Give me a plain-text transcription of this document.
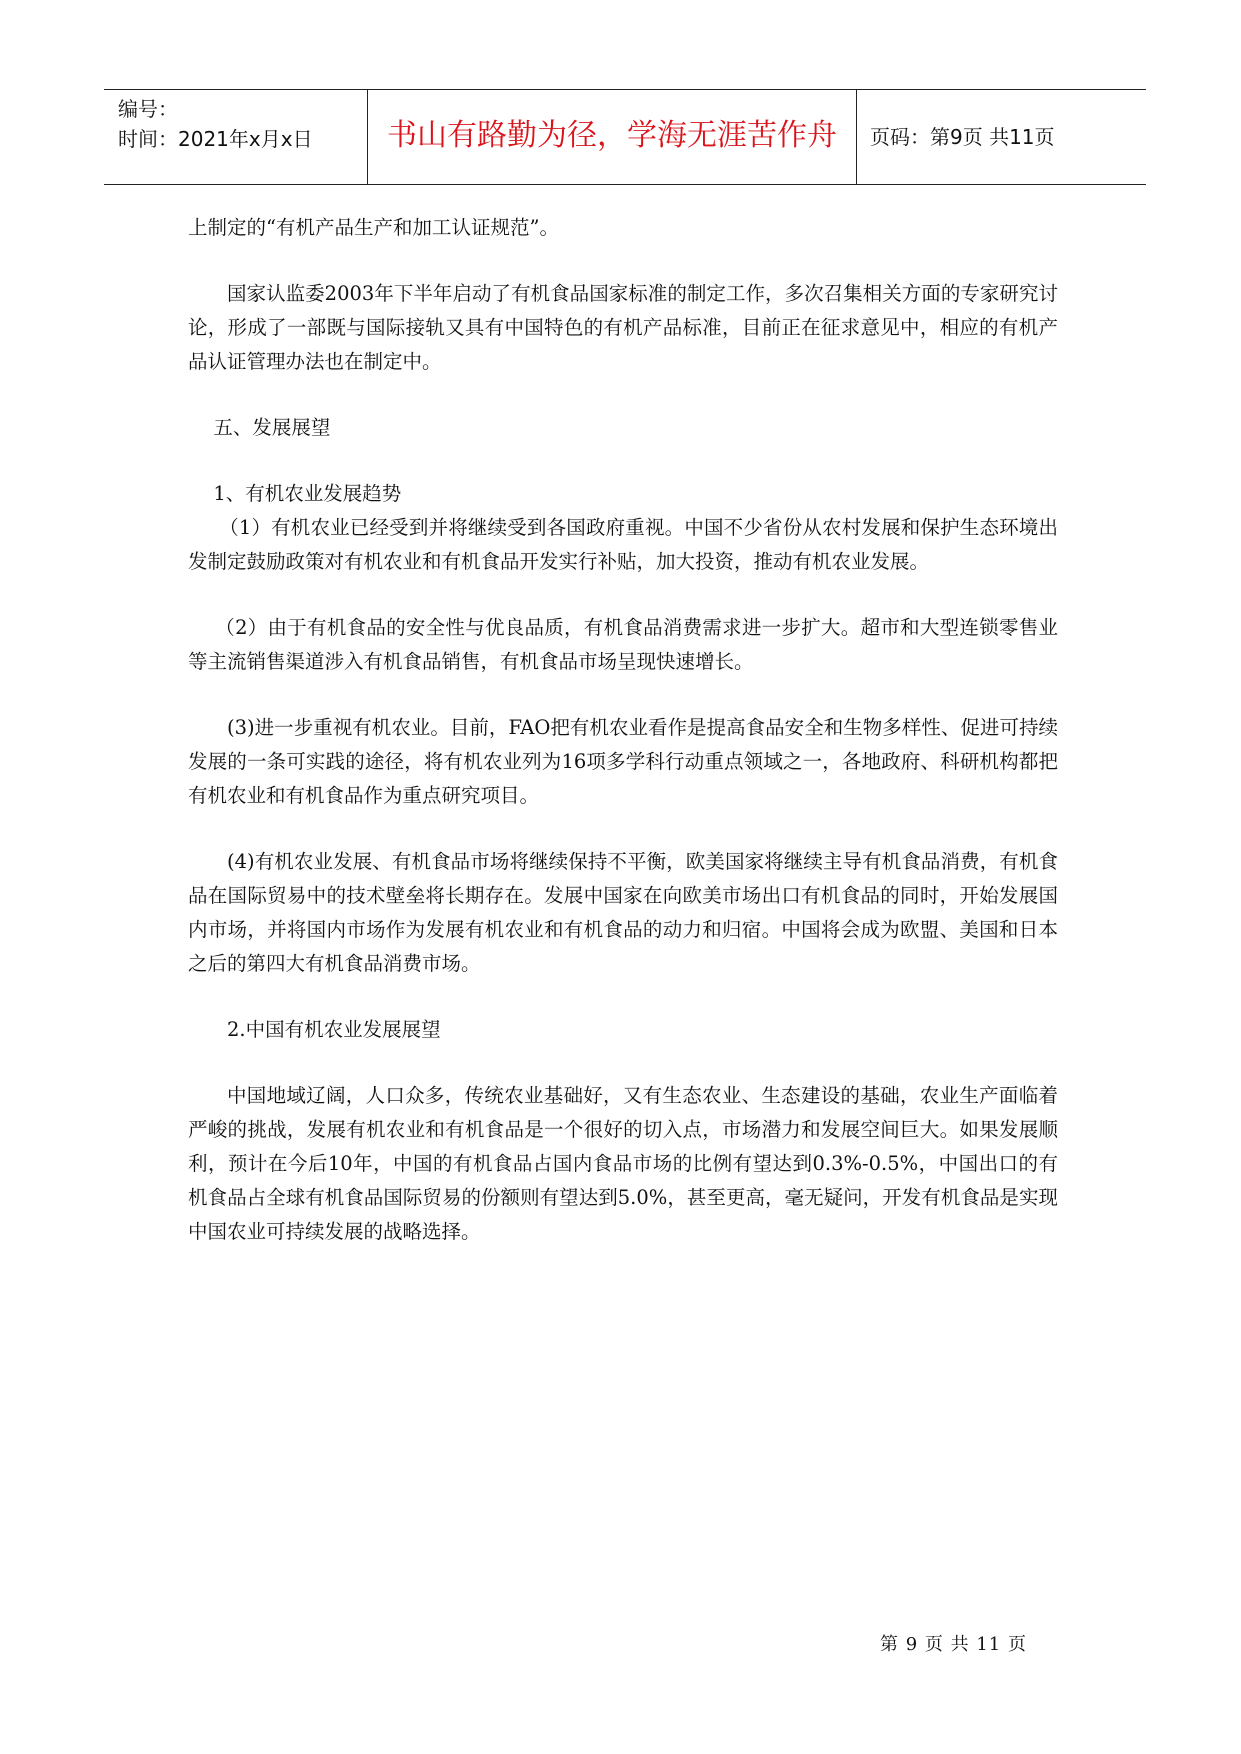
编号：
时间：2021年x月x日	书山有路勤为径，学海无涯苦作舟	页码：第9页 共11页

上制定的“有机产品生产和加工认证规范”。

国家认监委2003年下半年启动了有机食品国家标准的制定工作，多次召集相关方面的专家研究讨论，形成了一部既与国际接轨又具有中国特色的有机产品标准，目前正在征求意见中，相应的有机产品认证管理办法也在制定中。

五、发展展望

1、有机农业发展趋势

（1）有机农业已经受到并将继续受到各国政府重视。中国不少省份从农村发展和保护生态环境出发制定鼓励政策对有机农业和有机食品开发实行补贴，加大投资，推动有机农业发展。

（2）由于有机食品的安全性与优良品质，有机食品消费需求进一步扩大。超市和大型连锁零售业等主流销售渠道涉入有机食品销售，有机食品市场呈现快速增长。

(3)进一步重视有机农业。目前，FAO把有机农业看作是提高食品安全和生物多样性、促进可持续发展的一条可实践的途径，将有机农业列为16项多学科行动重点领域之一，各地政府、科研机构都把有机农业和有机食品作为重点研究项目。

(4)有机农业发展、有机食品市场将继续保持不平衡，欧美国家将继续主导有机食品消费，有机食品在国际贸易中的技术壁垒将长期存在。发展中国家在向欧美市场出口有机食品的同时，开始发展国内市场，并将国内市场作为发展有机农业和有机食品的动力和归宿。中国将会成为欧盟、美国和日本之后的第四大有机食品消费市场。

2.中国有机农业发展展望

中国地域辽阔，人口众多，传统农业基础好，又有生态农业、生态建设的基础，农业生产面临着严峻的挑战，发展有机农业和有机食品是一个很好的切入点，市场潜力和发展空间巨大。如果发展顺利，预计在今后10年，中国的有机食品占国内食品市场的比例有望达到0.3%-0.5%，中国出口的有机食品占全球有机食品国际贸易的份额则有望达到5.0%，甚至更高，毫无疑问，开发有机食品是实现中国农业可持续发展的战略选择。

第 9 页 共 11 页
